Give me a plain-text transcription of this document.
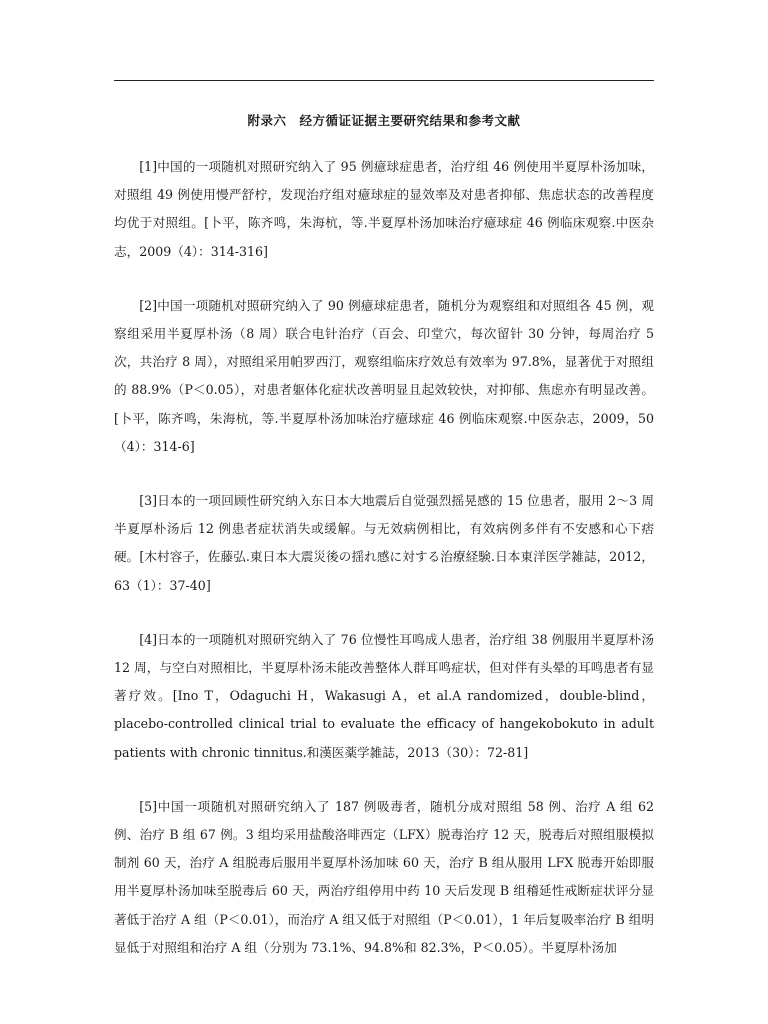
附录六　经方循证证据主要研究结果和参考文献

[1]中国的一项随机对照研究纳入了 95 例癔球症患者，治疗组 46 例使用半夏厚朴汤加味，对照组 49 例使用慢严舒柠，发现治疗组对癔球症的显效率及对患者抑郁、焦虑状态的改善程度均优于对照组。[卜平，陈齐鸣，朱海杭，等.半夏厚朴汤加味治疗癔球症 46 例临床观察.中医杂志，2009（4）：314-316]

[2]中国一项随机对照研究纳入了 90 例癔球症患者，随机分为观察组和对照组各 45 例，观察组采用半夏厚朴汤（8 周）联合电针治疗（百会、印堂穴，每次留针 30 分钟，每周治疗 5 次，共治疗 8 周），对照组采用帕罗西汀，观察组临床疗效总有效率为 97.8%，显著优于对照组的 88.9%（P＜0.05），对患者躯体化症状改善明显且起效较快，对抑郁、焦虑亦有明显改善。[卜平，陈齐鸣，朱海杭，等.半夏厚朴汤加味治疗癔球症 46 例临床观察.中医杂志，2009，50（4）：314-6]

[3]日本的一项回顾性研究纳入东日本大地震后自觉强烈摇晃感的 15 位患者，服用 2～3 周半夏厚朴汤后 12 例患者症状消失或缓解。与无效病例相比，有效病例多伴有不安感和心下痞硬。[木村容子，佐藤弘.東日本大震災後の揺れ感に対する治療経験.日本東洋医学雑誌，2012，63（1）：37-40]

[4]日本的一项随机对照研究纳入了 76 位慢性耳鸣成人患者，治疗组 38 例服用半夏厚朴汤 12 周，与空白对照相比，半夏厚朴汤未能改善整体人群耳鸣症状，但对伴有头晕的耳鸣患者有显著疗效。[Ino T，Odaguchi H，Wakasugi A，et al.A randomized，double-blind，placebo-controlled clinical trial to evaluate the efficacy of hangekobokuto in adult patients with chronic tinnitus.和漢医薬学雑誌，2013（30）：72-81]

[5]中国一项随机对照研究纳入了 187 例吸毒者，随机分成对照组 58 例、治疗 A 组 62 例、治疗 B 组 67 例。3 组均采用盐酸洛啡西定（LFX）脱毒治疗 12 天，脱毒后对照组服模拟制剂 60 天，治疗 A 组脱毒后服用半夏厚朴汤加味 60 天，治疗 B 组从服用 LFX 脱毒开始即服用半夏厚朴汤加味至脱毒后 60 天，两治疗组停用中药 10 天后发现 B 组稽延性戒断症状评分显著低于治疗 A 组（P＜0.01），而治疗 A 组又低于对照组（P＜0.01），1 年后复吸率治疗 B 组明显低于对照组和治疗 A 组（分别为 73.1%、94.8%和 82.3%，P＜0.05）。半夏厚朴汤加
